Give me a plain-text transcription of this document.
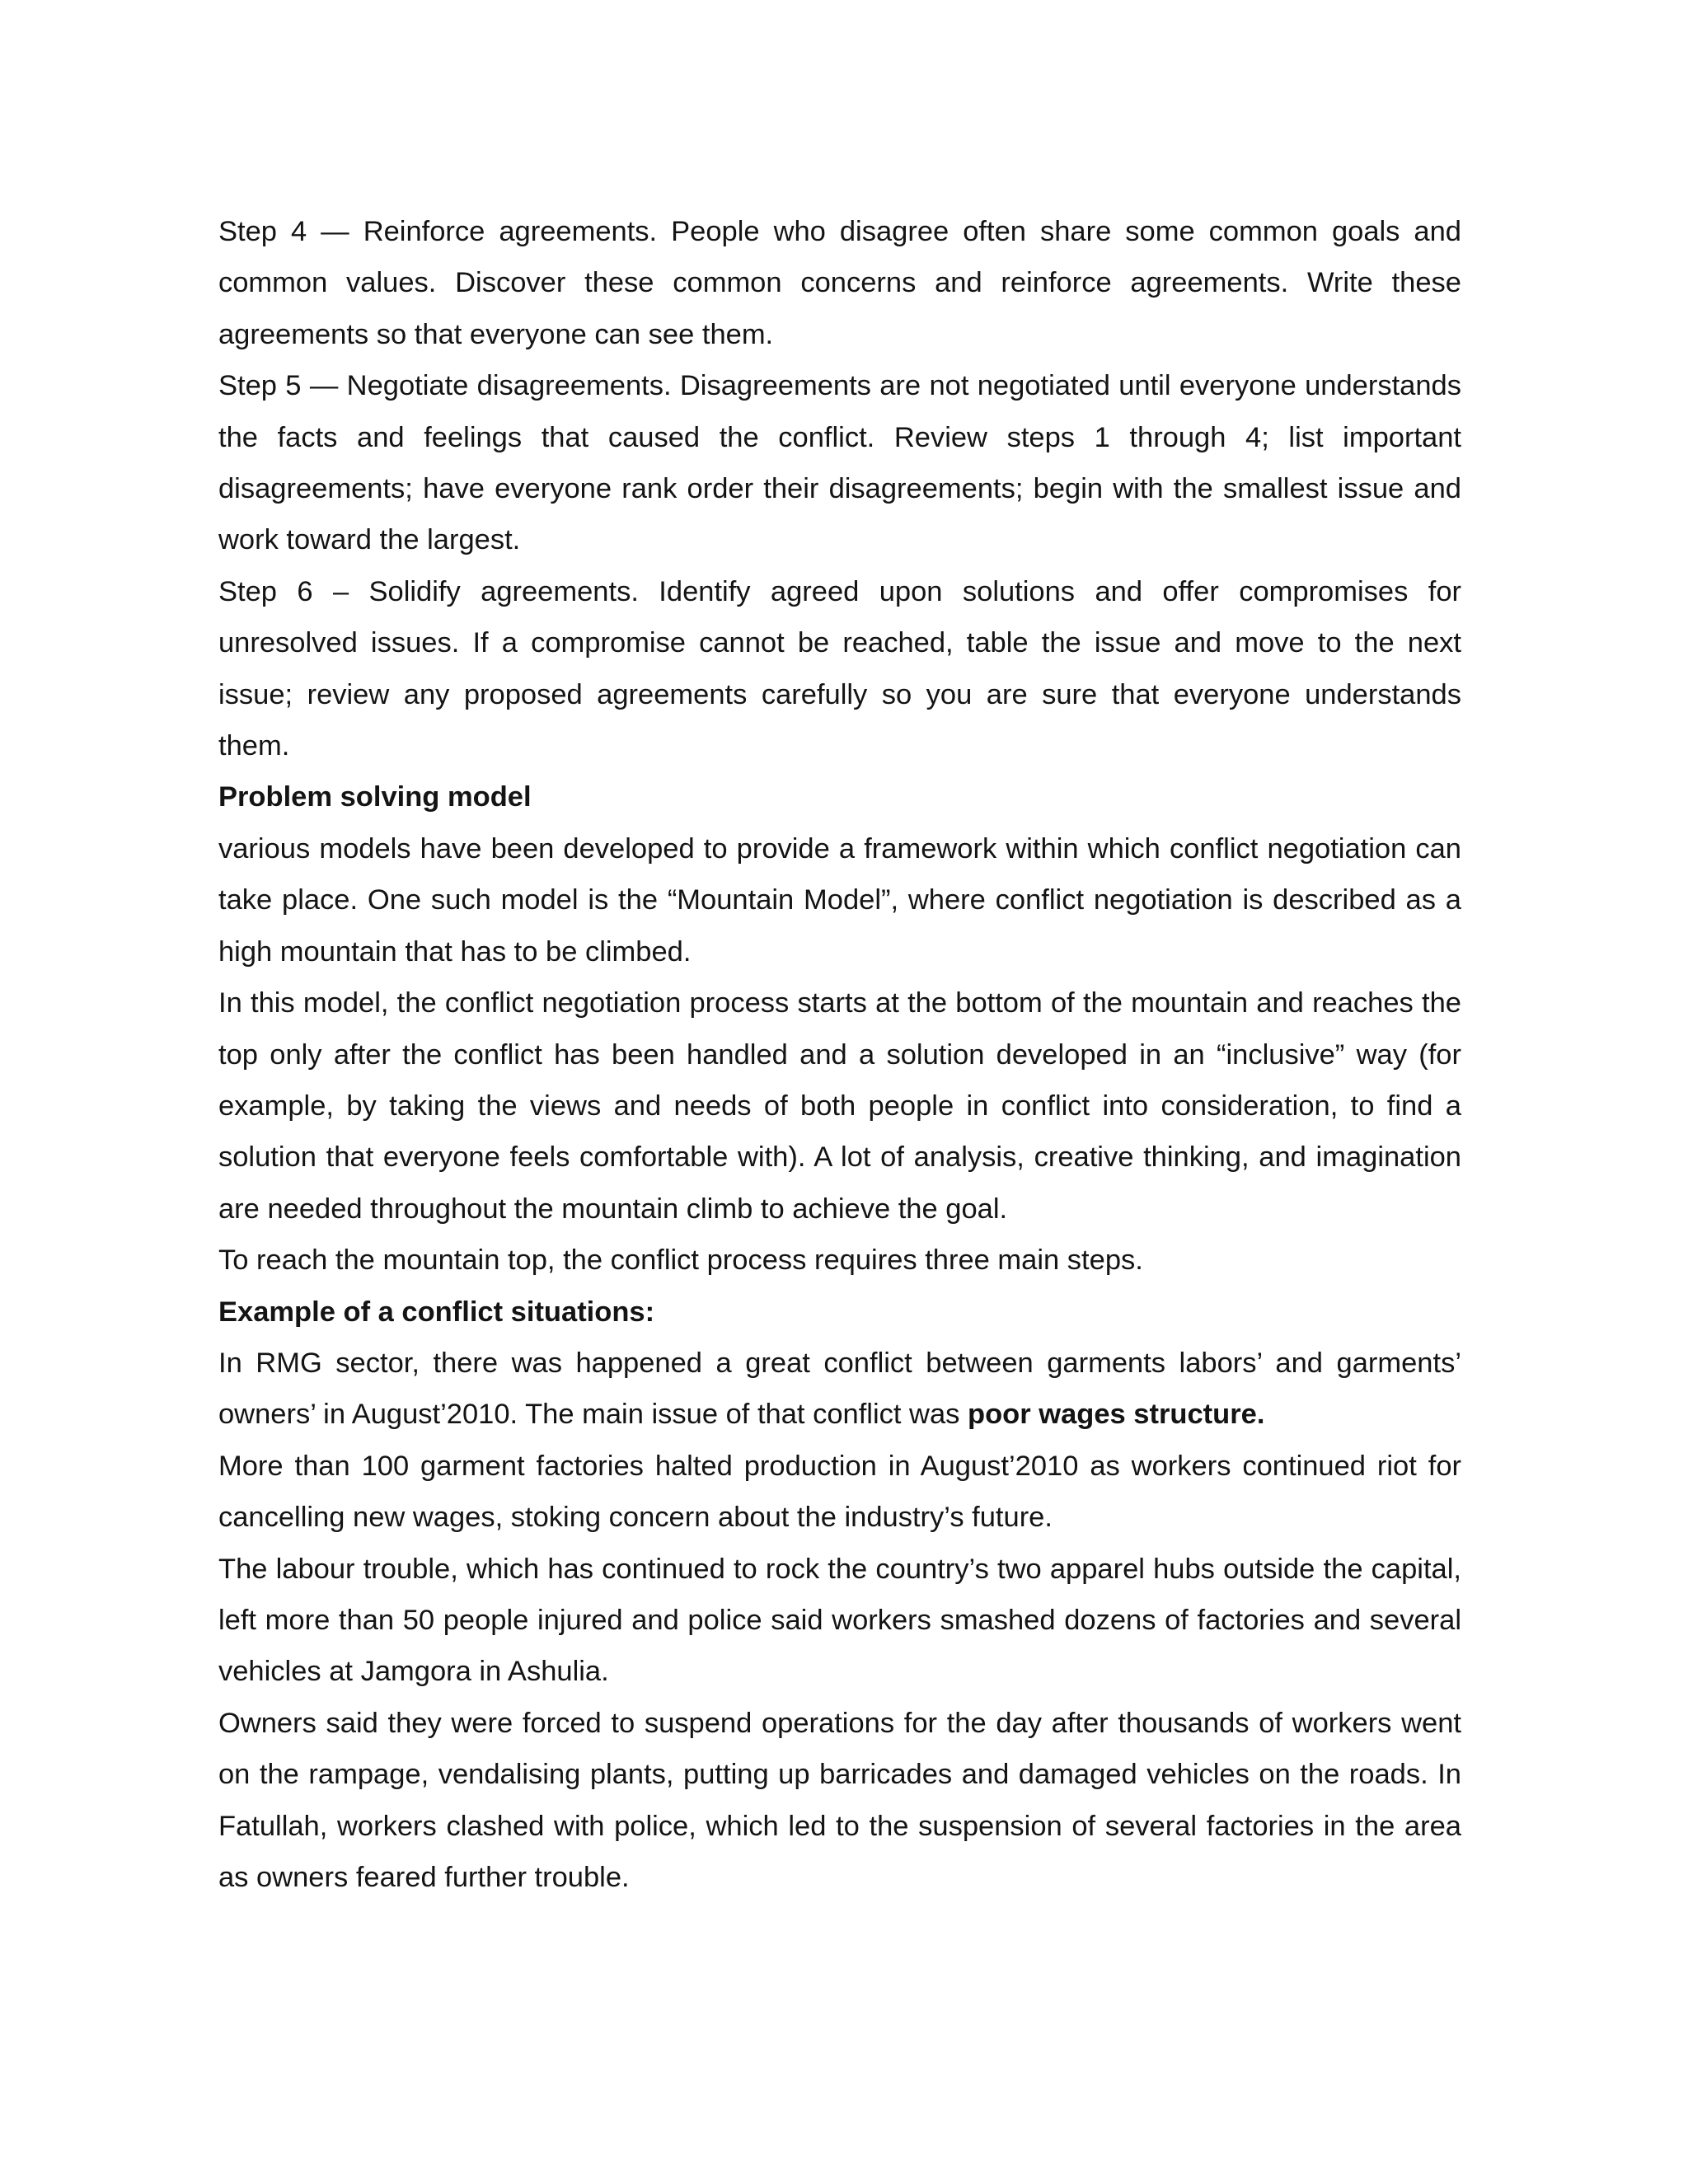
Step 4 — Reinforce agreements. People who disagree often share some common goals and common values. Discover these common concerns and reinforce agreements. Write these agreements so that everyone can see them.

Step 5 — Negotiate disagreements. Disagreements are not negotiated until everyone understands the facts and feelings that caused the conflict. Review steps 1 through 4; list important disagreements; have everyone rank order their disagreements; begin with the smallest issue and work toward the largest.

Step 6 – Solidify agreements. Identify agreed upon solutions and offer compromises for unresolved issues. If a compromise cannot be reached, table the issue and move to the next issue; review any proposed agreements carefully so you are sure that everyone understands them.

Problem solving model

various models have been developed to provide a framework within which conflict negotiation can take place. One such model is the “Mountain Model”, where conflict negotiation is described as a high mountain that has to be climbed.

In this model, the conflict negotiation process starts at the bottom of the mountain and reaches the top only after the conflict has been handled and a solution developed in an “inclusive” way (for example, by taking the views and needs of both people in conflict into consideration, to find a solution that everyone feels comfortable with). A lot of analysis, creative thinking, and imagination are needed throughout the mountain climb to achieve the goal.

To reach the mountain top, the conflict process requires three main steps.

Example of a conflict situations:

In RMG sector, there was happened a great conflict between garments labors’ and garments’ owners’ in August’2010. The main issue of that conflict was poor wages structure.

More than 100 garment factories halted production in August’2010 as workers continued riot for cancelling new wages, stoking concern about the industry’s future.

The labour trouble, which has continued to rock the country’s two apparel hubs outside the capital, left more than 50 people injured and police said workers smashed dozens of factories and several vehicles at Jamgora in Ashulia.

Owners said they were forced to suspend operations for the day after thousands of workers went on the rampage, vendalising plants, putting up barricades and damaged vehicles on the roads. In Fatullah, workers clashed with police, which led to the suspension of several factories in the area as owners feared further trouble.
